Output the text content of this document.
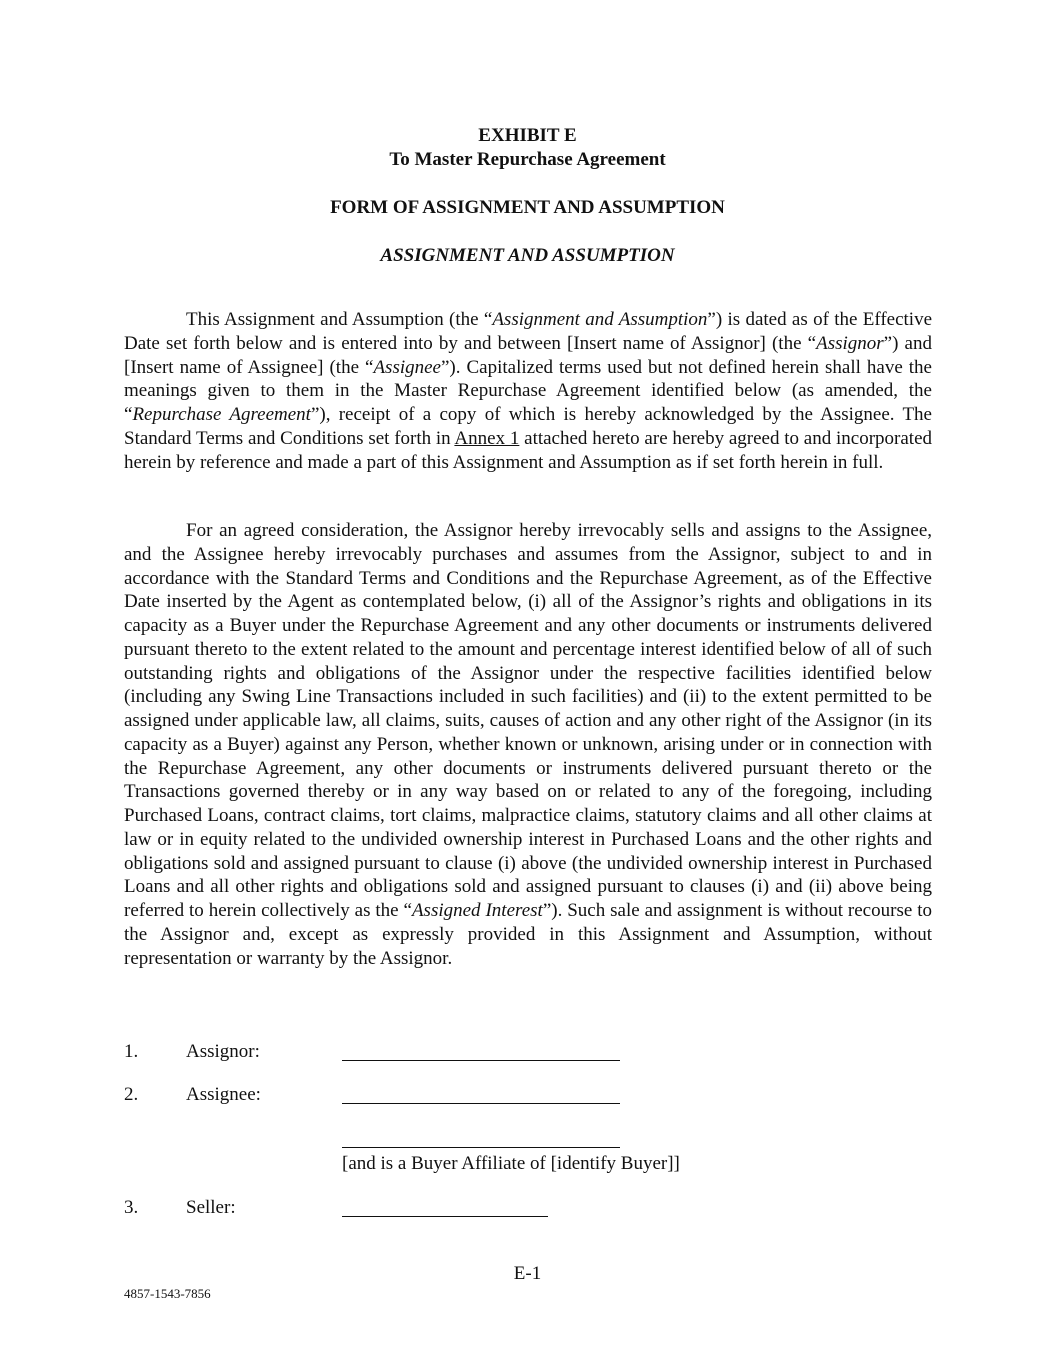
EXHIBIT E
To Master Repurchase Agreement
FORM OF ASSIGNMENT AND ASSUMPTION
ASSIGNMENT AND ASSUMPTION

This Assignment and Assumption (the “Assignment and Assumption”) is dated as of the Effective Date set forth below and is entered into by and between [Insert name of Assignor] (the “Assignor”) and [Insert name of Assignee] (the “Assignee”). Capitalized terms used but not defined herein shall have the meanings given to them in the Master Repurchase Agreement identified below (as amended, the “Repurchase Agreement”), receipt of a copy of which is hereby acknowledged by the Assignee. The Standard Terms and Conditions set forth in Annex 1 attached hereto are hereby agreed to and incorporated herein by reference and made a part of this Assignment and Assumption as if set forth herein in full.

For an agreed consideration, the Assignor hereby irrevocably sells and assigns to the Assignee, and the Assignee hereby irrevocably purchases and assumes from the Assignor, subject to and in accordance with the Standard Terms and Conditions and the Repurchase Agreement, as of the Effective Date inserted by the Agent as contemplated below, (i) all of the Assignor’s rights and obligations in its capacity as a Buyer under the Repurchase Agreement and any other documents or instruments delivered pursuant thereto to the extent related to the amount and percentage interest identified below of all of such outstanding rights and obligations of the Assignor under the respective facilities identified below (including any Swing Line Transactions included in such facilities) and (ii) to the extent permitted to be assigned under applicable law, all claims, suits, causes of action and any other right of the Assignor (in its capacity as a Buyer) against any Person, whether known or unknown, arising under or in connection with the Repurchase Agreement, any other documents or instruments delivered pursuant thereto or the Transactions governed thereby or in any way based on or related to any of the foregoing, including Purchased Loans, contract claims, tort claims, malpractice claims, statutory claims and all other claims at law or in equity related to the undivided ownership interest in Purchased Loans and the other rights and obligations sold and assigned pursuant to clause (i) above (the undivided ownership interest in Purchased Loans and all other rights and obligations sold and assigned pursuant to clauses (i) and (ii) above being referred to herein collectively as the “Assigned Interest”). Such sale and assignment is without recourse to the Assignor and, except as expressly provided in this Assignment and Assumption, without representation or warranty by the Assignor.

1.	Assignor:
2.	Assignee:
[and is a Buyer Affiliate of [identify Buyer]]
3.	Seller:
E-1
4857-1543-7856
